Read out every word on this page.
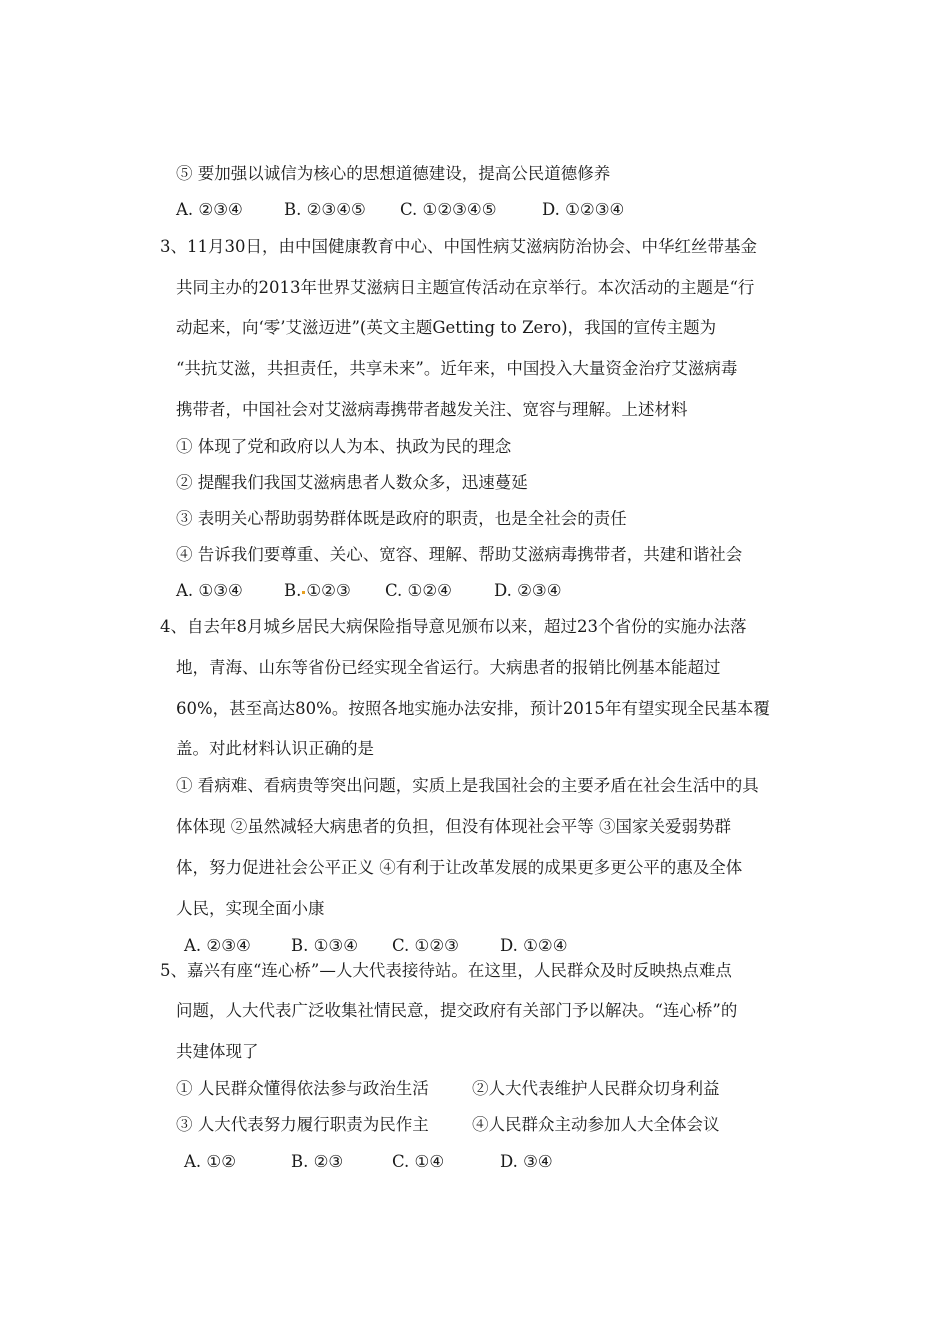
⑤ 要加强以诚信为核心的思想道德建设，提高公民道德修养
A. ②③④ B. ②③④⑤ C. ①②③④⑤	D. ①②③④
3、11月30日，由中国健康教育中心、中国性病艾滋病防治协会、中华红丝带基金
共同主办的2013年世界艾滋病日主题宣传活动在京举行。本次活动的主题是“行
动起来，向‘零’艾滋迈进”(英文主题Getting to Zero)，我国的宣传主题为
“共抗艾滋，共担责任，共享未来”。近年来，中国投入大量资金治疗艾滋病毒
携带者，中国社会对艾滋病毒携带者越发关注、宽容与理解。上述材料
① 体现了党和政府以人为本、执政为民的理念
② 提醒我们我国艾滋病患者人数众多，迅速蔓延
③ 表明关心帮助弱势群体既是政府的职责，也是全社会的责任
④ 告诉我们要尊重、关心、宽容、理解、帮助艾滋病毒携带者，共建和谐社会
A. ①③④ B. ①②③ C. ①②④	D. ②③④
4、自去年8月城乡居民大病保险指导意见颁布以来，超过23个省份的实施办法落
地，青海、山东等省份已经实现全省运行。大病患者的报销比例基本能超过
60%，甚至高达80%。按照各地实施办法安排，预计2015年有望实现全民基本覆
盖。对此材料认识正确的是
① 看病难、看病贵等突出问题，实质上是我国社会的主要矛盾在社会生活中的具
体体现 ②虽然减轻大病患者的负担，但没有体现社会平等 ③国家关爱弱势群
体，努力促进社会公平正义 ④有利于让改革发展的成果更多更公平的惠及全体
人民，实现全面小康
A. ②③④ B. ①③④ C. ①②③ D. ①②④
5、嘉兴有座“连心桥”—人大代表接待站。在这里，人民群众及时反映热点难点
问题，人大代表广泛收集社情民意，提交政府有关部门予以解决。“连心桥”的
共建体现了
① 人民群众懂得依法参与政治生活	②人大代表维护人民群众切身利益
③ 人大代表努力履行职责为民作主	④人民群众主动参加人大全体会议
A. ①②	B. ②③	C. ①④	D. ③④
